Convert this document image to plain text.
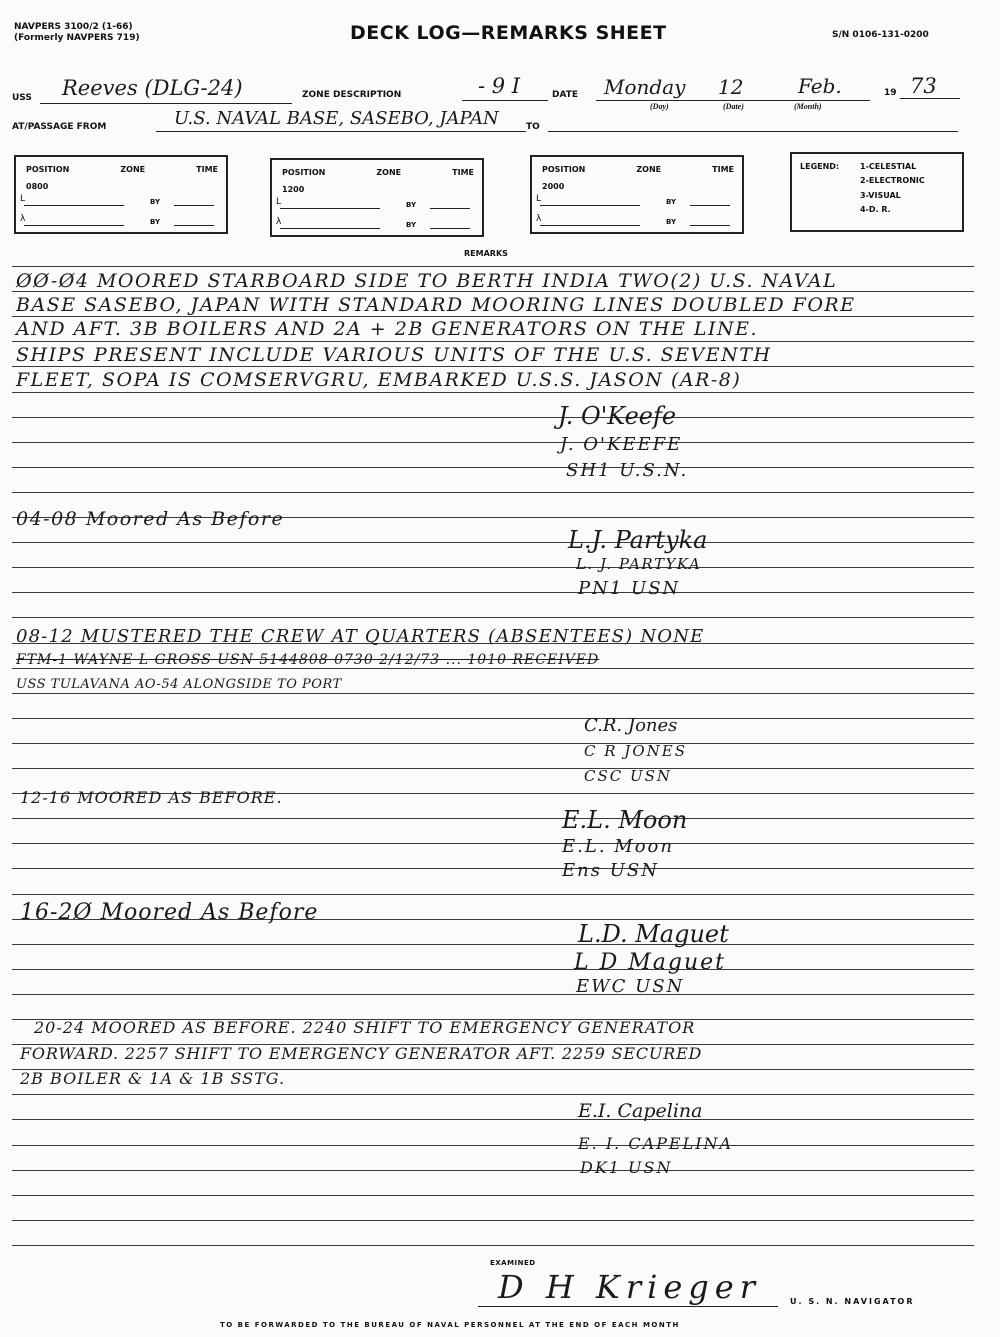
NAVPERS 3100/2 (1-66)
(Formerly NAVPERS 719)	DECK LOG—REMARKS SHEET	S/N 0106-131-0200
USS Reeves (DLG-24)	ZONE DESCRIPTION	- 9 I	DATE Monday 12	Feb.
(Day)	(Date)	(Month)
19 73
AT/PASSAGE FROM	U.S. NAVAL BASE, SASEBO, JAPAN	TO
POSITION	ZONE	TIME
0800
L
λ
BY
BY
POSITION	ZONE	TIME
1200
L
λ
BY
BY
POSITION	ZONE	TIME
2000
L
λ
BY
BY
LEGEND:	1-CELESTIAL
2-ELECTRONIC
3-VISUAL
4-D. R.
REMARKS
ØØ-Ø4 MOORED STARBOARD SIDE TO BERTH INDIA TWO(2) U.S. NAVAL
BASE SASEBO, JAPAN WITH STANDARD MOORING LINES DOUBLED FORE
AND AFT. 3B BOILERS AND 2A + 2B GENERATORS ON THE LINE.
SHIPS PRESENT INCLUDE VARIOUS UNITS OF THE U.S. SEVENTH
FLEET, SOPA IS COMSERVGRU, EMBARKED U.S.S. JASON (AR-8)
J. O'Keefe
J. O'KEEFE
SH1 U.S.N.
04-08 Moored As Before
L.J. Partyka
L. J. PARTYKA
PN1 USN
08-12 MUSTERED THE CREW AT QUARTERS (ABSENTEES) NONE
FTM-1 WAYNE L GROSS USN 5144808 0730 2/12/73 ... 1010 RECEIVED
USS TULAVANA AO-54 ALONGSIDE TO PORT
C.R. Jones
C R JONES
CSC USN
12-16 MOORED AS BEFORE.
E.L. Moon
E.L. Moon
Ens USN
16-2Ø Moored As Before
L.D. Maguet
L D Maguet
EWC USN
20-24 MOORED AS BEFORE. 2240 SHIFT TO EMERGENCY GENERATOR
FORWARD. 2257 SHIFT TO EMERGENCY GENERATOR AFT. 2259 SECURED
2B BOILER & 1A & 1B SSTG.
E.I. Capelina
E. I. CAPELINA
DK1 USN
EXAMINED
D H Krieger	U. S. N. NAVIGATOR
TO BE FORWARDED TO THE BUREAU OF NAVAL PERSONNEL AT THE END OF EACH MONTH
